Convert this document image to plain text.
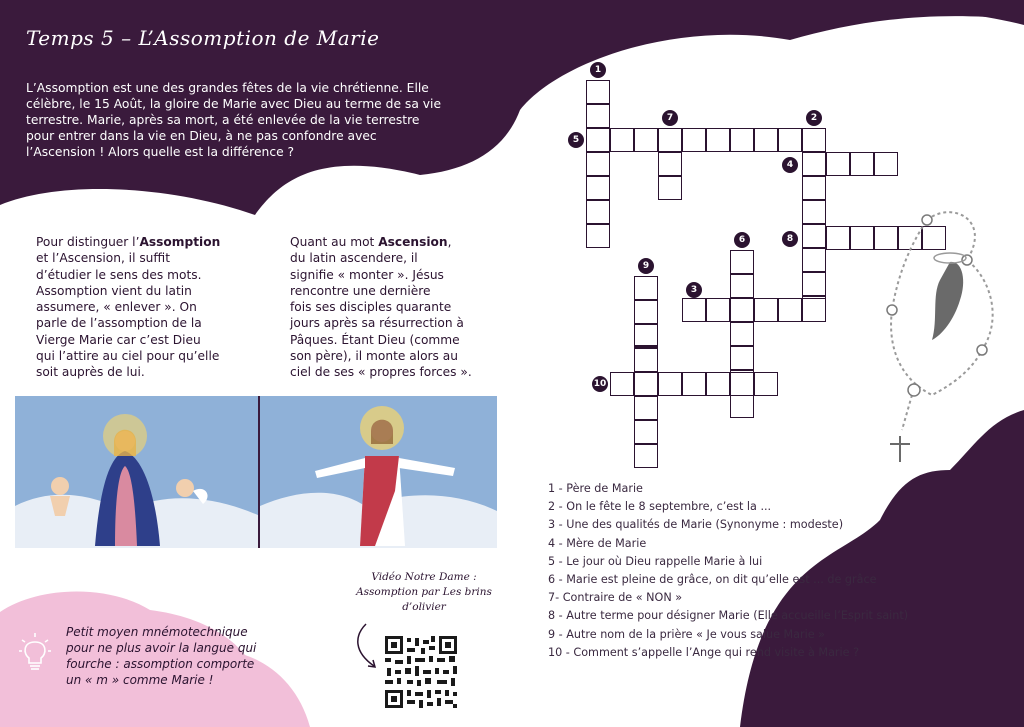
Temps 5 – L’Assomption de Marie
L’Assomption est une des grandes fêtes de la vie chrétienne. Elle célèbre, le 15 Août, la gloire de Marie avec Dieu au terme de sa vie terrestre. Marie, après sa mort, a été enlevée de la vie terrestre pour entrer dans la vie en Dieu, à ne pas confondre avec l’Ascension ! Alors quelle est la différence ?
Pour distinguer l’Assomption
et l’Ascension, il suffit
d’étudier le sens des mots.
Assomption vient du latin
assumere, « enlever ». On
parle de l’assomption de la
Vierge Marie car c’est Dieu
qui l’attire au ciel pour qu’elle
soit auprès de lui.
Quant au mot Ascension,
du latin ascendere, il
signifie « monter ». Jésus
rencontre une dernière
fois ses disciples quarante
jours après sa résurrection à
Pâques. Étant Dieu (comme
son père), il monte alors au
ciel de ses « propres forces ».
Vidéo Notre Dame :
Assomption par Les brins
d’olivier
Petit moyen mnémotechnique
pour ne plus avoir la langue qui
fourche : assomption comporte
un « m » comme Marie !
1
2
3
4
5
6
7
8
9
10
1 - Père de Marie
2 - On le fête le 8 septembre, c’est la ...
3 - Une des qualités de Marie (Synonyme : modeste)
4 - Mère de Marie
5 - Le jour où Dieu rappelle Marie à lui
6 - Marie est pleine de grâce, on dit qu’elle est ... de grâce
7- Contraire de « NON »
8 - Autre terme pour désigner Marie (Elle accueille l’Esprit saint)
9 - Autre nom de la prière « Je vous salue Marie »
10 - Comment s’appelle l’Ange qui rend visite à Marie ?
